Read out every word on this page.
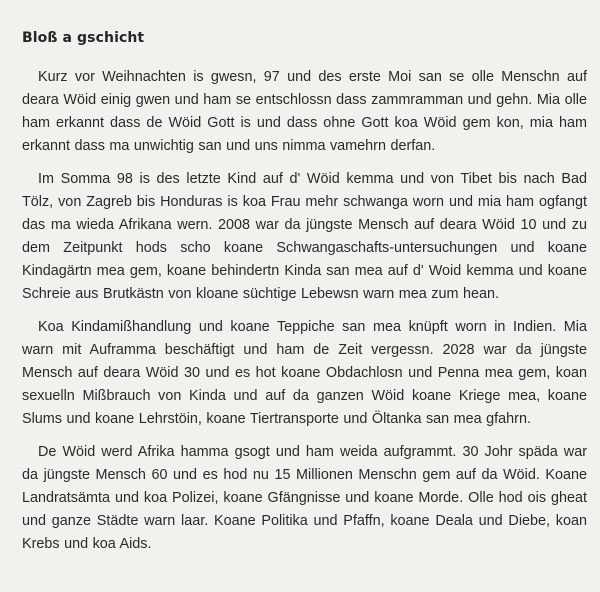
Bloß a gschicht

Kurz vor Weihnachten is gwesn, 97 und des erste Moi san se olle Menschn auf deara Wöid einig gwen und ham se entschlossn dass zammramman und gehn. Mia olle ham erkannt dass de Wöid Gott is und dass ohne Gott koa Wöid gem kon, mia ham erkannt dass ma unwichtig san und uns nimma vamehrn derfan.

Im Somma 98 is des letzte Kind auf d' Wöid kemma und von Tibet bis nach Bad Tölz, von Zagreb bis Honduras is koa Frau mehr schwanga worn und mia ham ogfangt das ma wieda Afrikana wern. 2008 war da jüngste Mensch auf deara Wöid 10 und zu dem Zeitpunkt hods scho koane Schwangaschafts-untersuchungen und koane Kindagärtn mea gem, koane behindertn Kinda san mea auf d' Woid kemma und koane Schreie aus Brutkästn von kloane süchtige Lebewsn warn mea zum hean.

Koa Kindamißhandlung und koane Teppiche san mea knüpft worn in Indien. Mia warn mit Auframma beschäftigt und ham de Zeit vergessn. 2028 war da jüngste Mensch auf deara Wöid 30 und es hot koane Obdachlosn und Penna mea gem, koan sexuelln Mißbrauch von Kinda und auf da ganzen Wöid koane Kriege mea, koane Slums und koane Lehrstöin, koane Tiertransporte und Öltanka san mea gfahrn.

De Wöid werd Afrika hamma gsogt und ham weida aufgrammt. 30 Johr späda war da jüngste Mensch 60 und es hod nu 15 Millionen Menschn gem auf da Wöid. Koane Landratsämta und koa Polizei, koane Gfängnisse und koane Morde. Olle hod ois gheat und ganze Städte warn laar. Koane Politika und Pfaffn, koane Deala und Diebe, koan Krebs und koa Aids.
